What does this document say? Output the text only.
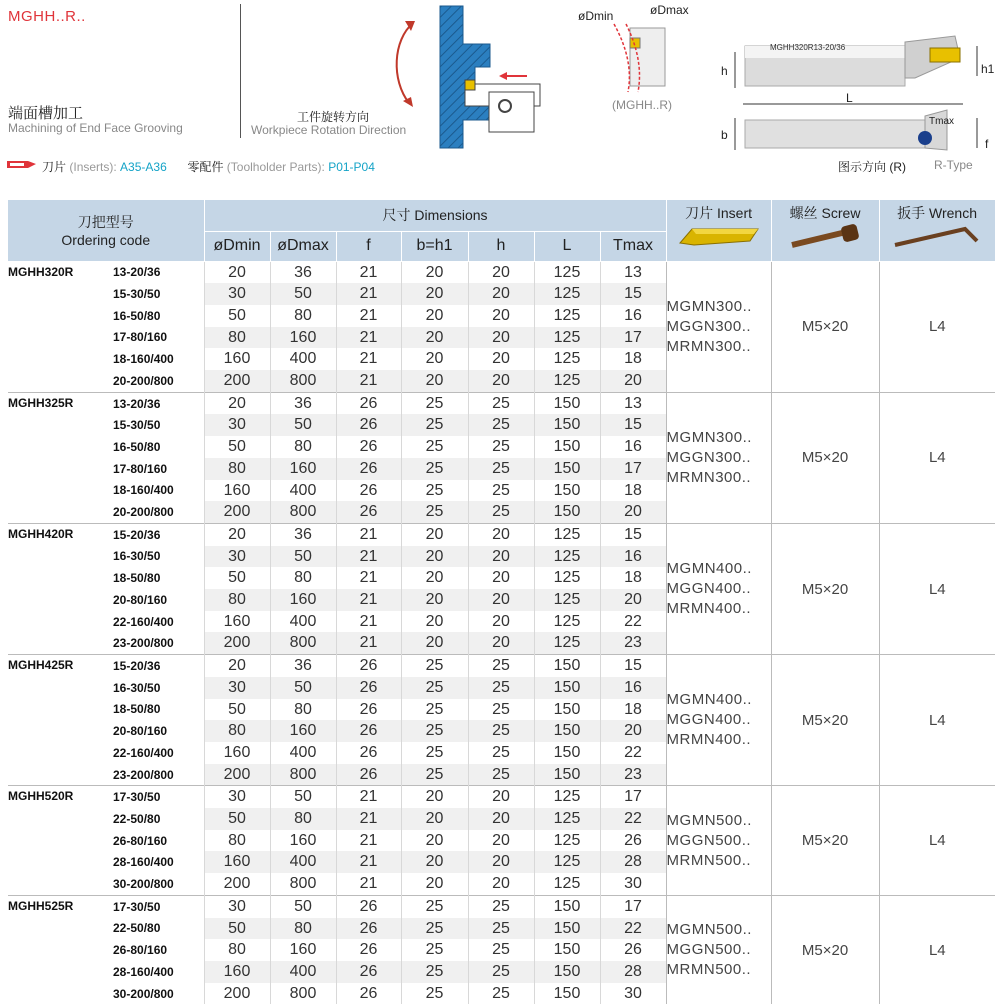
MGHH..R..
端面槽加工
Machining of End Face Grooving
工件旋转方向
Workpiece Rotation Direction
øDmin	øDmax
(MGHH..R)
MGHH320R13-20/36
h	h1
L
b
Tmax
f
图示方向 (R) R-Type
刀片 (Inserts): A35-A36 零配件 (Toolholder Parts): P01-P04
刀把型号
Ordering code		尺寸 Dimensions							刀片 Insert	螺丝 Screw	扳手 Wrench

		øDmin	øDmax	f	b=h1	h	L	Tmax			
MGHH320R	13-20/36	20	36	21	20	20	125	13	MGMN300..
MGGN300..
MRMN300..	M5×20	L4
	15-30/50	30	50	21	20	20	125	15			
	16-50/80	50	80	21	20	20	125	16			
	17-80/160	80	160	21	20	20	125	17			
	18-160/400	160	400	21	20	20	125	18			
	20-200/800	200	800	21	20	20	125	20			
MGHH325R	13-20/36	20	36	26	25	25	150	13	MGMN300..
MGGN300..
MRMN300..	M5×20	L4
	15-30/50	30	50	26	25	25	150	15			
	16-50/80	50	80	26	25	25	150	16			
	17-80/160	80	160	26	25	25	150	17			
	18-160/400	160	400	26	25	25	150	18			
	20-200/800	200	800	26	25	25	150	20			
MGHH420R	15-20/36	20	36	21	20	20	125	15	MGMN400..
MGGN400..
MRMN400..	M5×20	L4
	16-30/50	30	50	21	20	20	125	16			
	18-50/80	50	80	21	20	20	125	18			
	20-80/160	80	160	21	20	20	125	20			
	22-160/400	160	400	21	20	20	125	22			
	23-200/800	200	800	21	20	20	125	23			
MGHH425R	15-20/36	20	36	26	25	25	150	15	MGMN400..
MGGN400..
MRMN400..	M5×20	L4
	16-30/50	30	50	26	25	25	150	16			
	18-50/80	50	80	26	25	25	150	18			
	20-80/160	80	160	26	25	25	150	20			
	22-160/400	160	400	26	25	25	150	22			
	23-200/800	200	800	26	25	25	150	23			
MGHH520R	17-30/50	30	50	21	20	20	125	17	MGMN500..
MGGN500..
MRMN500..	M5×20	L4
	22-50/80	50	80	21	20	20	125	22			
	26-80/160	80	160	21	20	20	125	26			
	28-160/400	160	400	21	20	20	125	28			
	30-200/800	200	800	21	20	20	125	30			
MGHH525R	17-30/50	30	50	26	25	25	150	17	MGMN500..
MGGN500..
MRMN500..	M5×20	L4
	22-50/80	50	80	26	25	25	150	22			
	26-80/160	80	160	26	25	25	150	26			
	28-160/400	160	400	26	25	25	150	28			
	30-200/800	200	800	26	25	25	150	30			
